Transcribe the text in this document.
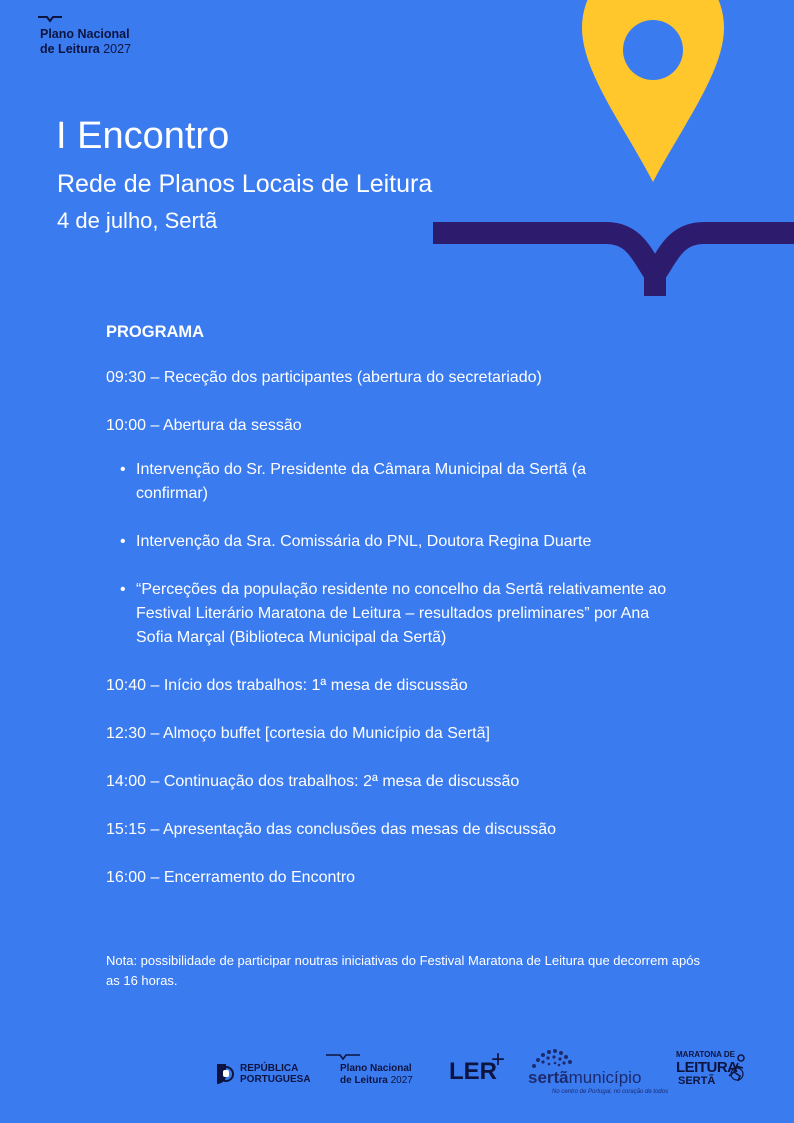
Plano Nacional
de Leitura 2027
I Encontro
Rede de Planos Locais de Leitura
4 de julho, Sertã
PROGRAMA
09:30 – Receção dos participantes (abertura do secretariado)
10:00 – Abertura da sessão
• Intervenção do Sr. Presidente da Câmara Municipal da Sertã (a confirmar)
• Intervenção da Sra. Comissária do PNL, Doutora Regina Duarte
• “Perceções da população residente no concelho da Sertã relativamente ao Festival Literário Maratona de Leitura – resultados preliminares” por Ana Sofia Marçal (Biblioteca Municipal da Sertã)
10:40 – Início dos trabalhos: 1ª mesa de discussão
12:30 – Almoço buffet [cortesia do Município da Sertã]
14:00 – Continuação dos trabalhos: 2ª mesa de discussão
15:15 – Apresentação das conclusões das mesas de discussão
16:00 – Encerramento do Encontro
Nota: possibilidade de participar noutras iniciativas do Festival Maratona de Leitura que decorrem após as 16 horas.
REPÚBLICA
PORTUGUESA
Plano Nacional
de Leitura 2027 LER
+
sertãmunicípio
No centro de Portugal, no coração de todos
MARATONA DE
LEITURA
SERTÃ
